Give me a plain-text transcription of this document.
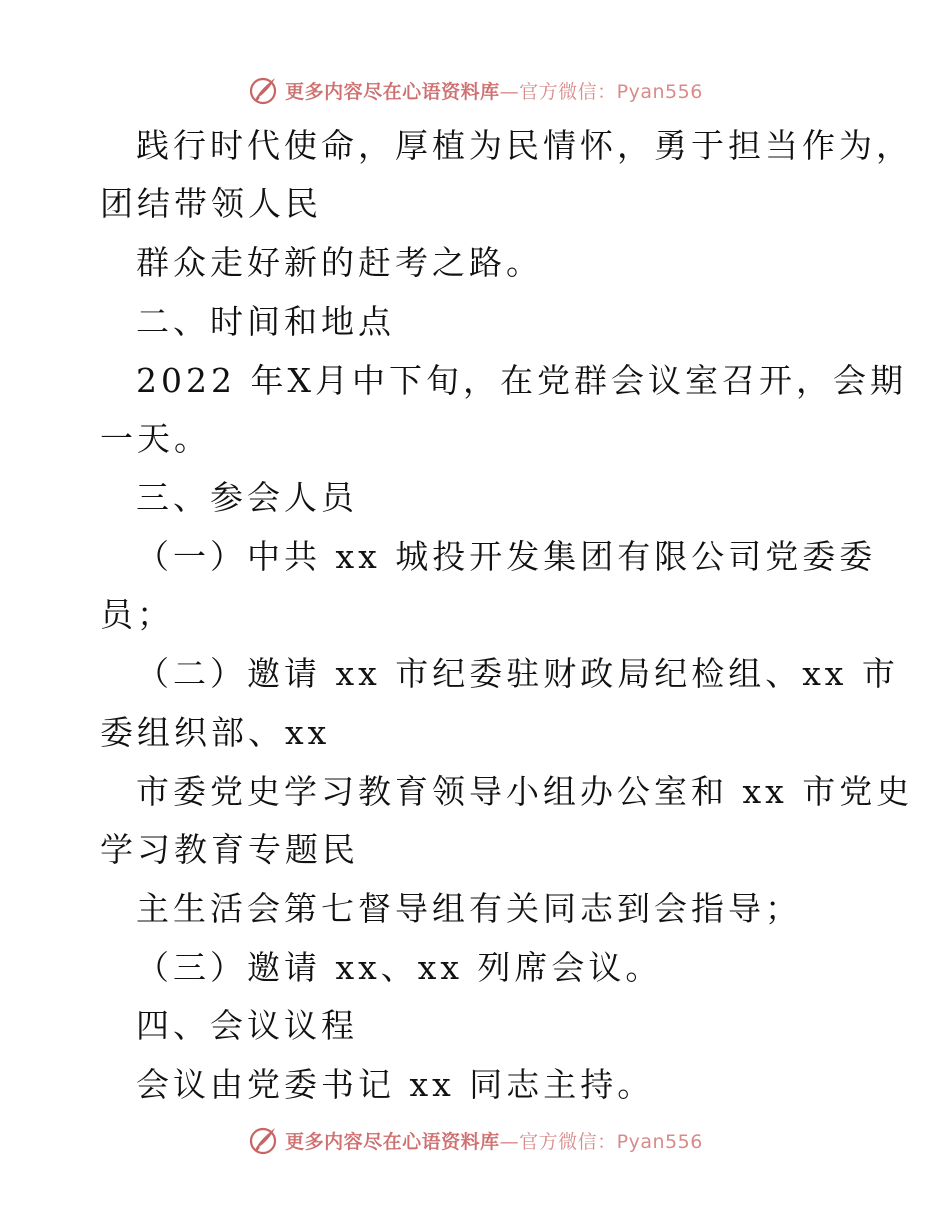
更多内容尽在心语资料库—官方微信：Pyan556
践行时代使命，厚植为民情怀，勇于担当作为，
团结带领人民
群众走好新的赶考之路。
二、时间和地点
2022 年X月中下旬，在党群会议室召开，会期
一天。
三、参会人员
（一）中共 xx 城投开发集团有限公司党委委
员；
（二）邀请 xx 市纪委驻财政局纪检组、xx 市
委组织部、xx
市委党史学习教育领导小组办公室和 xx 市党史
学习教育专题民
主生活会第七督导组有关同志到会指导；
（三）邀请 xx、xx 列席会议。
四、会议议程
会议由党委书记 xx 同志主持。
更多内容尽在心语资料库—官方微信：Pyan556
